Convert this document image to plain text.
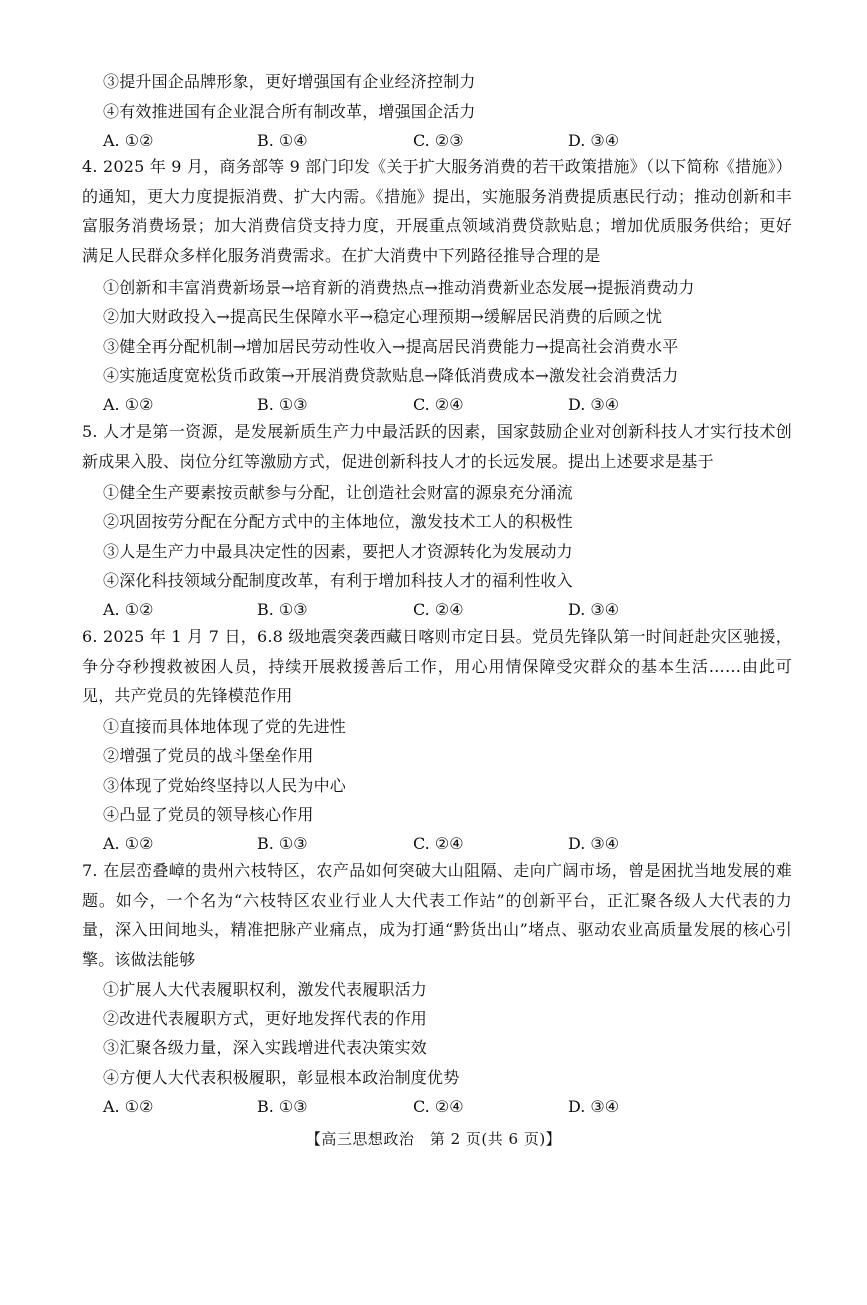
③提升国企品牌形象，更好增强国有企业经济控制力
④有效推进国有企业混合所有制改革，增强国企活力
A. ①②	B. ①④	C. ②③	D. ③④
4. 2025 年 9 月，商务部等 9 部门印发《关于扩大服务消费的若干政策措施》（以下简称《措施》）的通知，更大力度提振消费、扩大内需。《措施》提出，实施服务消费提质惠民行动；推动创新和丰富服务消费场景；加大消费信贷支持力度，开展重点领域消费贷款贴息；增加优质服务供给；更好满足人民群众多样化服务消费需求。在扩大消费中下列路径推导合理的是
①创新和丰富消费新场景→培育新的消费热点→推动消费新业态发展→提振消费动力
②加大财政投入→提高民生保障水平→稳定心理预期→缓解居民消费的后顾之忧
③健全再分配机制→增加居民劳动性收入→提高居民消费能力→提高社会消费水平
④实施适度宽松货币政策→开展消费贷款贴息→降低消费成本→激发社会消费活力
A. ①②	B. ①③	C. ②④	D. ③④
5. 人才是第一资源，是发展新质生产力中最活跃的因素，国家鼓励企业对创新科技人才实行技术创新成果入股、岗位分红等激励方式，促进创新科技人才的长远发展。提出上述要求是基于
①健全生产要素按贡献参与分配，让创造社会财富的源泉充分涌流
②巩固按劳分配在分配方式中的主体地位，激发技术工人的积极性
③人是生产力中最具决定性的因素，要把人才资源转化为发展动力
④深化科技领域分配制度改革，有利于增加科技人才的福利性收入
A. ①②	B. ①③	C. ②④	D. ③④
6. 2025 年 1 月 7 日，6.8 级地震突袭西藏日喀则市定日县。党员先锋队第一时间赶赴灾区驰援，争分夺秒搜救被困人员，持续开展救援善后工作，用心用情保障受灾群众的基本生活……由此可见，共产党员的先锋模范作用
①直接而具体地体现了党的先进性
②增强了党员的战斗堡垒作用
③体现了党始终坚持以人民为中心
④凸显了党员的领导核心作用
A. ①②	B. ①③	C. ②④	D. ③④
7. 在层峦叠嶂的贵州六枝特区，农产品如何突破大山阻隔、走向广阔市场，曾是困扰当地发展的难题。如今，一个名为“六枝特区农业行业人大代表工作站”的创新平台，正汇聚各级人大代表的力量，深入田间地头，精准把脉产业痛点，成为打通“黔货出山”堵点、驱动农业高质量发展的核心引擎。该做法能够
①扩展人大代表履职权利，激发代表履职活力
②改进代表履职方式，更好地发挥代表的作用
③汇聚各级力量，深入实践增进代表决策实效
④方便人大代表积极履职，彰显根本政治制度优势
A. ①②	B. ①③	C. ②④	D. ③④
【高三思想政治　第 2 页(共 6 页)】
